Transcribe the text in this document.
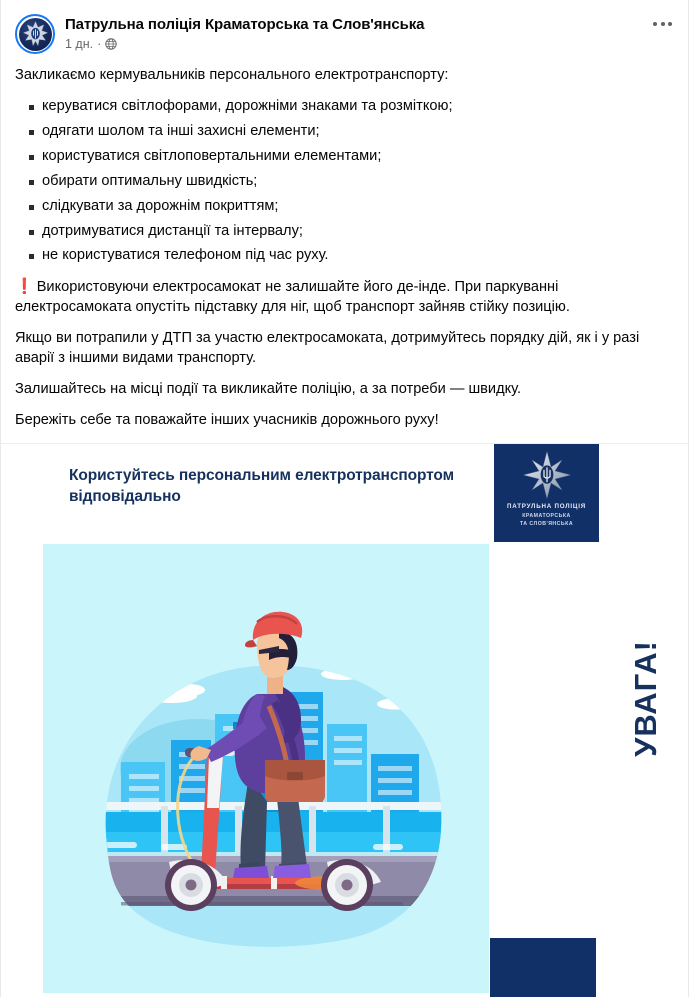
Патрульна поліція Краматорська та Слов'янська
1 дн. ·

Закликаємо кермувальників персонального електротранспорту:

керуватися світлофорами, дорожніми знаками та розміткою;
одягати шолом та інші захисні елементи;
користуватися світлоповертальними елементами;
обирати оптимальну швидкість;
слідкувати за дорожнім покриттям;
дотримуватися дистанції та інтервалу;
не користуватися телефоном під час руху.

❗ Використовуючи електросамокат не залишайте його де-інде. При паркуванні електросамоката опустіть підставку для ніг, щоб транспорт зайняв стійку позицію.

Якщо ви потрапили у ДТП за участю електросамоката, дотримуйтесь порядку дій, як і у разі аварії з іншими видами транспорту.

Залишайтесь на місці події та викликайте поліцію, а за потреби — швидку.

Бережіть себе та поважайте інших учасників дорожнього руху!

Користуйтесь персональним електротранспортом відповідально
ПАТРУЛЬНА ПОЛІЦІЯ
КРАМАТОРСЬКА
ТА СЛОВ'ЯНСЬКА
УВАГА!
